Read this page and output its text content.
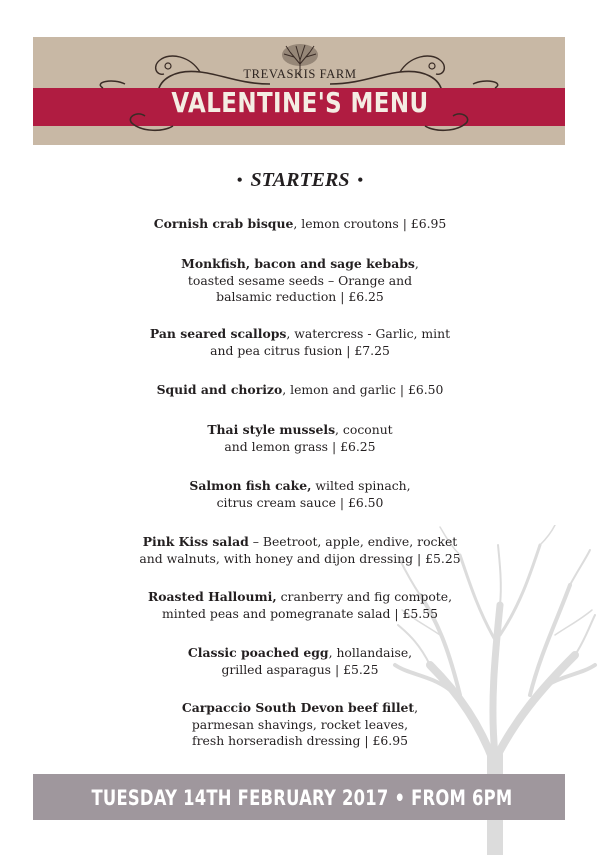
TREVASKIS FARM
VALENTINE'S MENU
• STARTERS •
Cornish crab bisque, lemon croutons | £6.95
Monkfish, bacon and sage kebabs,
toasted sesame seeds – Orange and
balsamic reduction | £6.25
Pan seared scallops, watercress - Garlic, mint
and pea citrus fusion | £7.25
Squid and chorizo, lemon and garlic | £6.50
Thai style mussels, coconut
and lemon grass | £6.25
Salmon fish cake, wilted spinach,
citrus cream sauce | £6.50
Pink Kiss salad – Beetroot, apple, endive, rocket
and walnuts, with honey and dijon dressing | £5.25
Roasted Halloumi, cranberry and fig compote,
minted peas and pomegranate salad | £5.55
Classic poached egg, hollandaise,
grilled asparagus | £5.25
Carpaccio South Devon beef fillet,
parmesan shavings, rocket leaves,
fresh horseradish dressing | £6.95
TUESDAY 14TH FEBRUARY 2017 • FROM 6PM
